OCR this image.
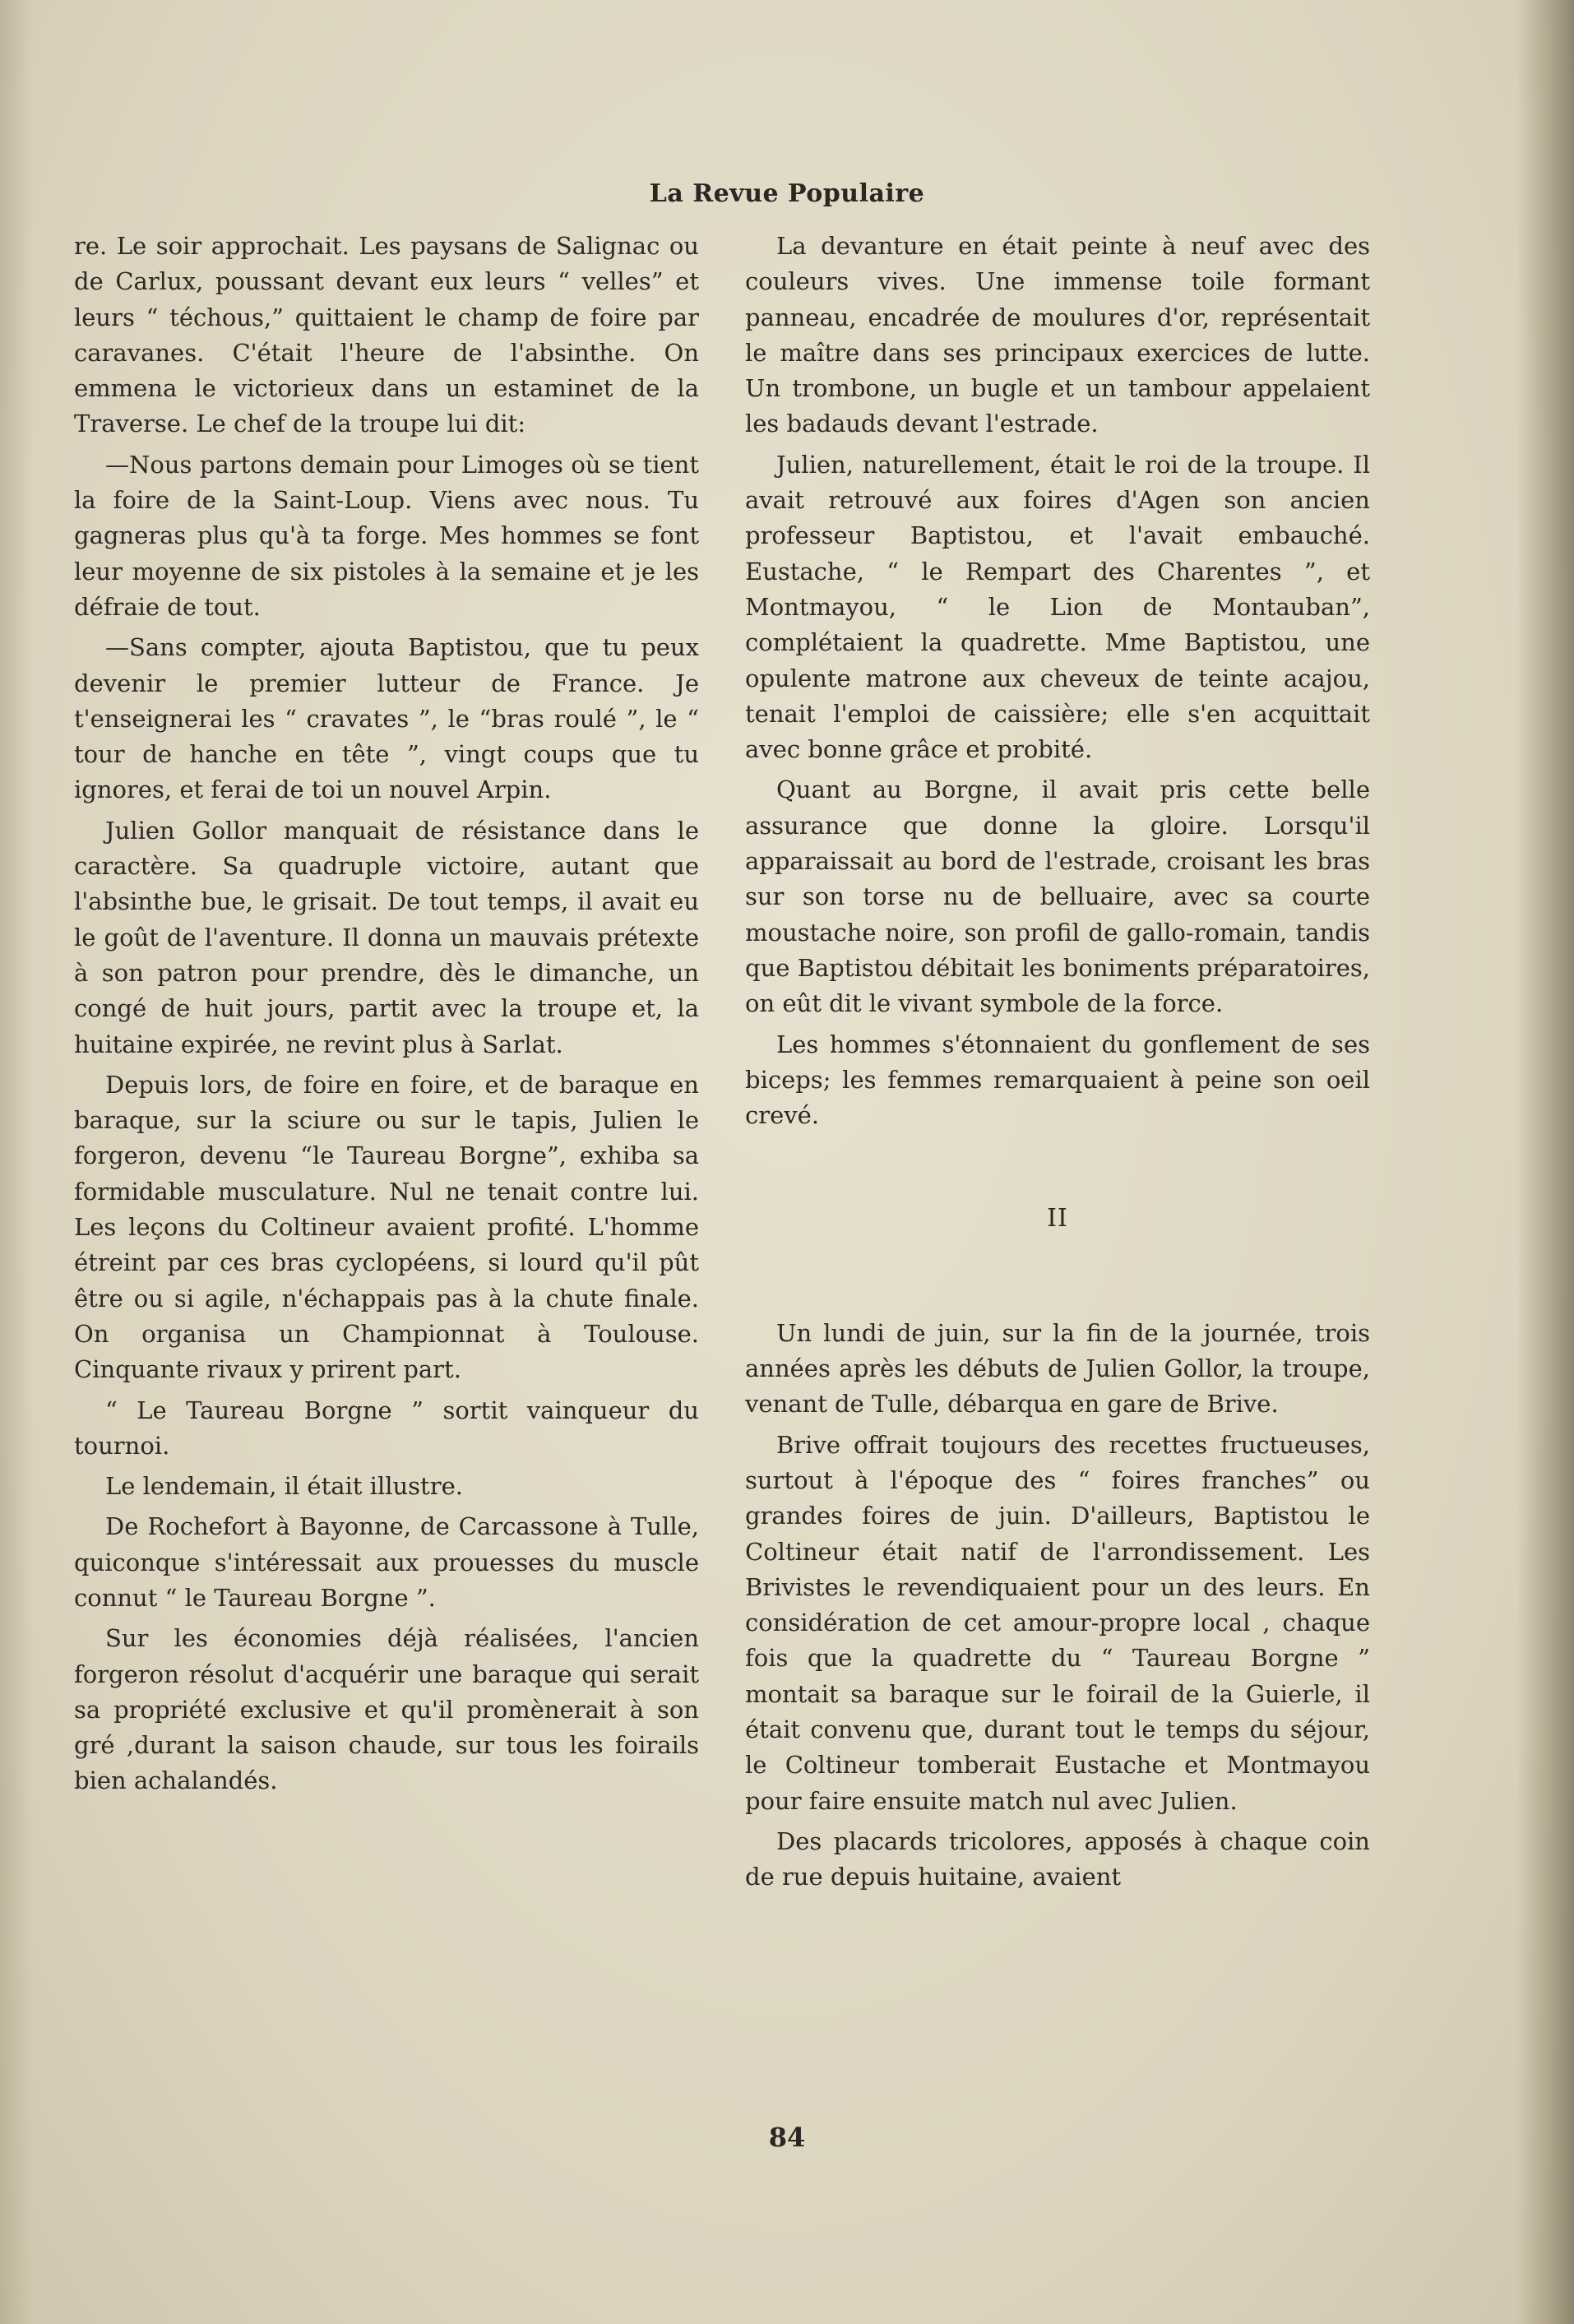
La Revue Populaire

re. Le soir approchait. Les paysans de Salignac ou de Carlux, poussant devant eux leurs “ velles” et leurs “ téchous,” quittaient le champ de foire par caravanes. C'était l'heure de l'absinthe. On emmena le victorieux dans un estaminet de la Traverse. Le chef de la troupe lui dit:

—Nous partons demain pour Limoges où se tient la foire de la Saint-Loup. Viens avec nous. Tu gagneras plus qu'à ta forge. Mes hommes se font leur moyenne de six pistoles à la semaine et je les défraie de tout.

—Sans compter, ajouta Baptistou, que tu peux devenir le premier lutteur de France. Je t'enseignerai les “ cravates ”, le “bras roulé ”, le “ tour de hanche en tête ”, vingt coups que tu ignores, et ferai de toi un nouvel Arpin.

Julien Gollor manquait de résistance dans le caractère. Sa quadruple victoire, autant que l'absinthe bue, le grisait. De tout temps, il avait eu le goût de l'aventure. Il donna un mauvais prétexte à son patron pour prendre, dès le dimanche, un congé de huit jours, partit avec la troupe et, la huitaine expirée, ne revint plus à Sarlat.

Depuis lors, de foire en foire, et de baraque en baraque, sur la sciure ou sur le tapis, Julien le forgeron, devenu “le Taureau Borgne”, exhiba sa formidable musculature. Nul ne tenait contre lui. Les leçons du Coltineur avaient profité. L'homme étreint par ces bras cyclopéens, si lourd qu'il pût être ou si agile, n'échappais pas à la chute finale. On organisa un Championnat à Toulouse. Cinquante rivaux y prirent part.

“ Le Taureau Borgne ” sortit vainqueur du tournoi.

Le lendemain, il était illustre.

De Rochefort à Bayonne, de Carcassone à Tulle, quiconque s'intéressait aux prouesses du muscle connut “ le Taureau Borgne ”.

Sur les économies déjà réalisées, l'ancien forgeron résolut d'acquérir une baraque qui serait sa propriété exclusive et qu'il promènerait à son gré ,durant la saison chaude, sur tous les foirails bien achalandés.

La devanture en était peinte à neuf avec des couleurs vives. Une immense toile formant panneau, encadrée de moulures d'or, représentait le maître dans ses principaux exercices de lutte. Un trombone, un bugle et un tambour appelaient les badauds devant l'estrade.

Julien, naturellement, était le roi de la troupe. Il avait retrouvé aux foires d'Agen son ancien professeur Baptistou, et l'avait embauché. Eustache, “ le Rempart des Charentes ”, et Montmayou, “ le Lion de Montauban”, complétaient la quadrette. Mme Baptistou, une opulente matrone aux cheveux de teinte acajou, tenait l'emploi de caissière; elle s'en acquittait avec bonne grâce et probité.

Quant au Borgne, il avait pris cette belle assurance que donne la gloire. Lorsqu'il apparaissait au bord de l'estrade, croisant les bras sur son torse nu de belluaire, avec sa courte moustache noire, son profil de gallo-romain, tandis que Baptistou débitait les boniments préparatoires, on eût dit le vivant symbole de la force.

Les hommes s'étonnaient du gonflement de ses biceps; les femmes remarquaient à peine son oeil crevé.

II

Un lundi de juin, sur la fin de la journée, trois années après les débuts de Julien Gollor, la troupe, venant de Tulle, débarqua en gare de Brive.

Brive offrait toujours des recettes fructueuses, surtout à l'époque des “ foires franches” ou grandes foires de juin. D'ailleurs, Baptistou le Coltineur était natif de l'arrondissement. Les Brivistes le revendiquaient pour un des leurs. En considération de cet amour-propre local , chaque fois que la quadrette du “ Taureau Borgne ” montait sa baraque sur le foirail de la Guierle, il était convenu que, durant tout le temps du séjour, le Coltineur tomberait Eustache et Montmayou pour faire ensuite match nul avec Julien.

Des placards tricolores, apposés à chaque coin de rue depuis huitaine, avaient

84
